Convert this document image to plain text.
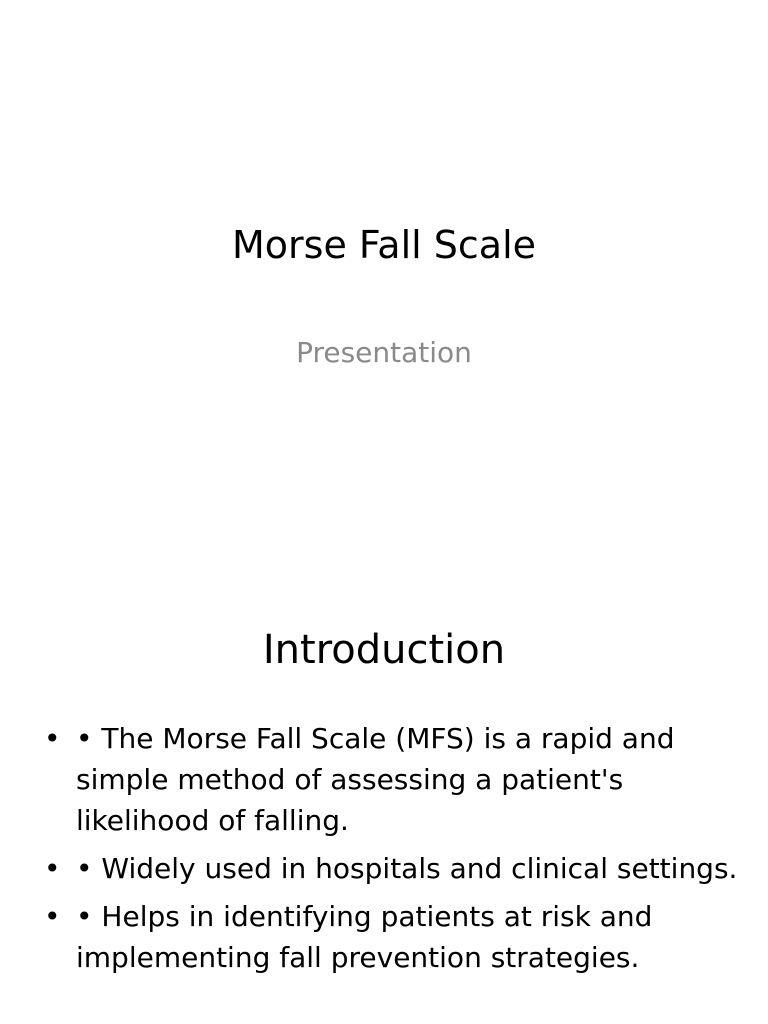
Morse Fall Scale

Presentation

Introduction
• • The Morse Fall Scale (MFS) is a rapid and simple method of assessing a patient's likelihood of falling.
• • Widely used in hospitals and clinical settings.
• • Helps in identifying patients at risk and implementing fall prevention strategies.
